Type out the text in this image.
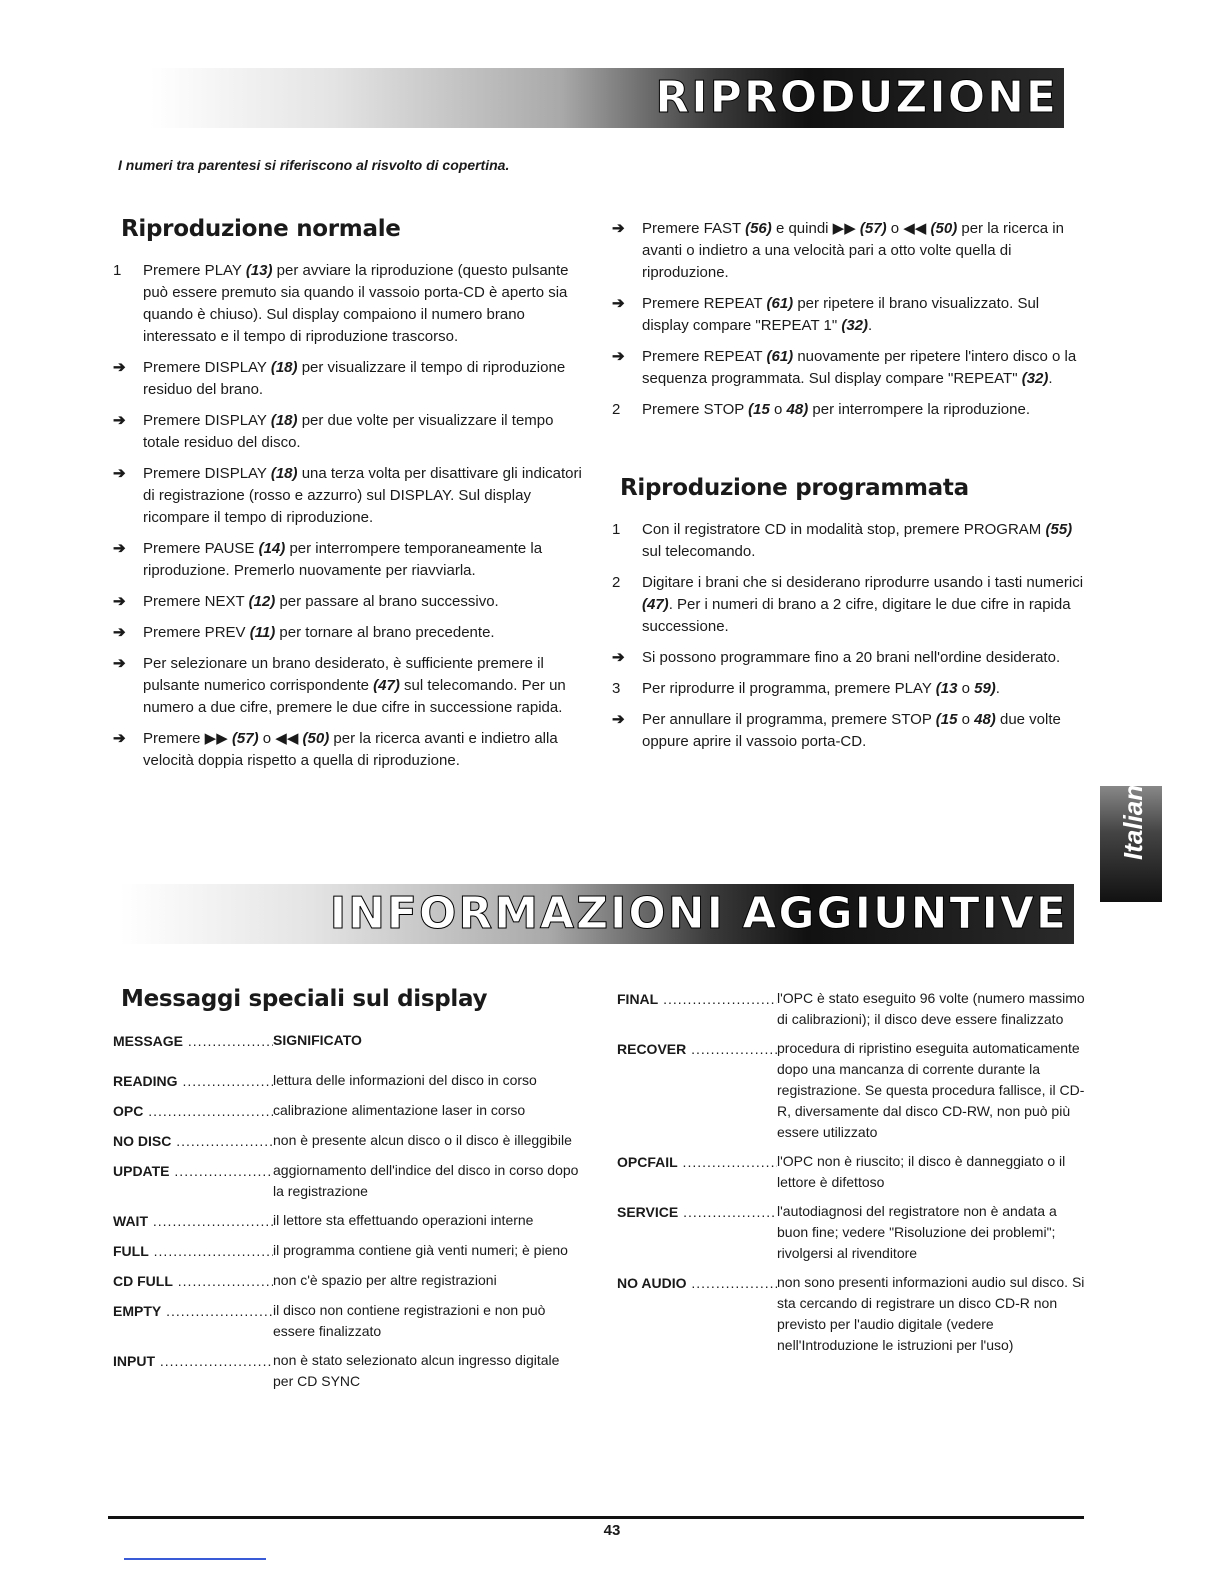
RIPRODUZIONE
I numeri tra parentesi si riferiscono al risvolto di copertina.
Riproduzione normale
1	Premere PLAY (13) per avviare la riproduzione (questo pulsante può essere premuto sia quando il vassoio porta-CD è aperto sia quando è chiuso). Sul display compaiono il numero brano interessato e il tempo di riproduzione trascorso.
➔	Premere DISPLAY (18) per visualizzare il tempo di riproduzione residuo del brano.
➔	Premere DISPLAY (18) per due volte per visualizzare il tempo totale residuo del disco.
➔	Premere DISPLAY (18) una terza volta per disattivare gli indicatori di registrazione (rosso e azzurro) sul DISPLAY. Sul display ricompare il tempo di riproduzione.
➔	Premere PAUSE (14) per interrompere temporaneamente la riproduzione. Premerlo nuovamente per riavviarla.
➔	Premere NEXT (12) per passare al brano successivo.
➔	Premere PREV (11) per tornare al brano precedente.
➔	Per selezionare un brano desiderato, è sufficiente premere il pulsante numerico corrispondente (47) sul telecomando. Per un numero a due cifre, premere le due cifre in successione rapida.
➔	Premere ▶▶ (57) o ◀◀ (50) per la ricerca avanti e indietro alla velocità doppia rispetto a quella di riproduzione.
➔	Premere FAST (56) e quindi ▶▶ (57) o ◀◀ (50) per la ricerca in avanti o indietro a una velocità pari a otto volte quella di riproduzione.
➔	Premere REPEAT (61) per ripetere il brano visualizzato. Sul display compare "REPEAT 1" (32).
➔	Premere REPEAT (61) nuovamente per ripetere l'intero disco o la sequenza programmata. Sul display compare "REPEAT" (32).
2	Premere STOP (15 o 48) per interrompere la riproduzione.
Riproduzione programmata
1	Con il registratore CD in modalità stop, premere PROGRAM (55) sul telecomando.
2	Digitare i brani che si desiderano riprodurre usando i tasti numerici (47). Per i numeri di brano a 2 cifre, digitare le due cifre in rapida successione.
➔	Si possono programmare fino a 20 brani nell'ordine desiderato.
3	Per riprodurre il programma, premere PLAY (13 o 59).
➔	Per annullare il programma, premere STOP (15 o 48) due volte oppure aprire il vassoio porta-CD.
Italiano
INFORMAZIONI AGGIUNTIVE
Messaggi speciali sul display
MESSAGE .....	SIGNIFICATO
READING .....	lettura delle informazioni del disco in corso
OPC .....	calibrazione alimentazione laser in corso
NO DISC .....	non è presente alcun disco o il disco è illeggibile
UPDATE .....	aggiornamento dell'indice del disco in corso dopo la registrazione
WAIT .....	il lettore sta effettuando operazioni interne
FULL .....	il programma contiene già venti numeri; è pieno
CD FULL .....	non c'è spazio per altre registrazioni
EMPTY .....	il disco non contiene registrazioni e non può essere finalizzato
INPUT .....	non è stato selezionato alcun ingresso digitale per CD SYNC
FINAL .....	l'OPC è stato eseguito 96 volte (numero massimo di calibrazioni); il disco deve essere finalizzato
RECOVER .....	procedura di ripristino eseguita automaticamente dopo una mancanza di corrente durante la registrazione. Se questa procedura fallisce, il CD-R, diversamente dal disco CD-RW, non può più essere utilizzato
OPCFAIL .....	l'OPC non è riuscito; il disco è danneggiato o il lettore è difettoso
SERVICE .....	l'autodiagnosi del registratore non è andata a buon fine; vedere "Risoluzione dei problemi"; rivolgersi al rivenditore
NO AUDIO .....	non sono presenti informazioni audio sul disco. Si sta cercando di registrare un disco CD-R non previsto per l'audio digitale (vedere nell'Introduzione le istruzioni per l'uso)
43
